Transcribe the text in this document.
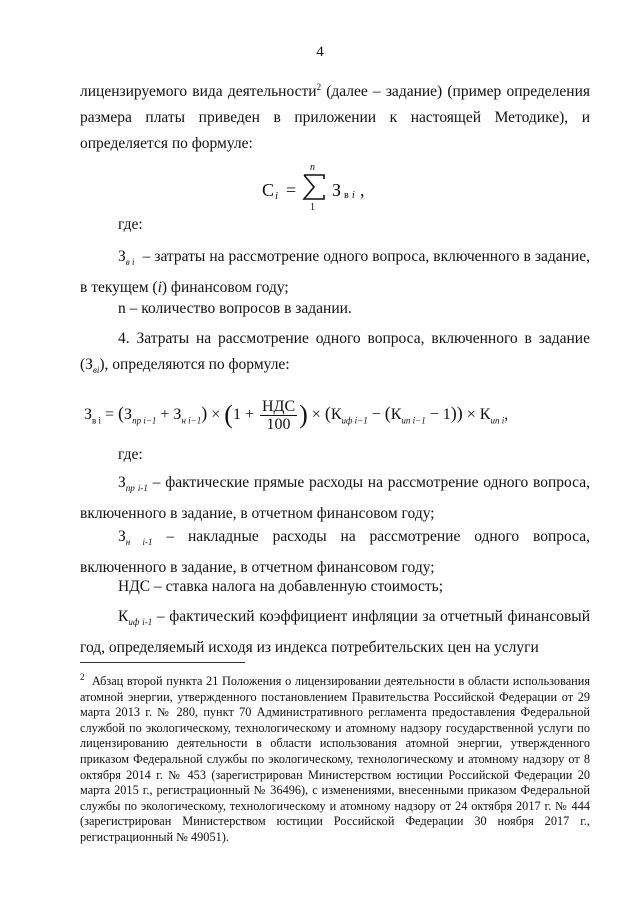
4

лицензируемого вида деятельности$^2$ (далее – задание) (пример определения размера платы приведен в приложении к настоящей Методике), и определяется по формуле:

C i =
n
1
З в i ,
где:

$З_{в i}$ – затраты на рассмотрение одного вопроса, включенного в задание, в текущем (i) финансовом году;

n – количество вопросов в задании.

4. Затраты на рассмотрение одного вопроса, включенного в задание $(З_{вi})$, определяются по формуле:

$З_{в i} = (З_{пр i-1} + З_{н i-1}) \times (1$ + НДС
100 ) × $(К_{иф i-1} - (К_{ип i-1} - 1)) \times К_{ип i}$,
где:

$З_{пр i-1}$ – фактические прямые расходы на рассмотрение одного вопроса, включенного в задание, в отчетном финансовом году;

$З_{н i-1}$ – накладные расходы на рассмотрение одного вопроса, включенного в задание, в отчетном финансовом году;

НДС – ставка налога на добавленную стоимость;

$К_{иф i-1}$ – фактический коэффициент инфляции за отчетный финансовый год, определяемый исходя из индекса потребительских цен на услуги

$^2$ Абзац второй пункта 21 Положения о лицензировании деятельности в области использования атомной энергии, утвержденного постановлением Правительства Российской Федерации от 29 марта 2013 г. № 280, пункт 70 Административного регламента предоставления Федеральной службой по экологическому, технологическому и атомному надзору государственной услуги по лицензированию деятельности в области использования атомной энергии, утвержденного приказом Федеральной службы по экологическому, технологическому и атомному надзору от 8 октября 2014 г. № 453 (зарегистрирован Министерством юстиции Российской Федерации 20 марта 2015 г., регистрационный № 36496), с изменениями, внесенными приказом Федеральной службы по экологическому, технологическому и атомному надзору от 24 октября 2017 г. № 444 (зарегистрирован Министерством юстиции Российской Федерации 30 ноября 2017 г., регистрационный № 49051).
